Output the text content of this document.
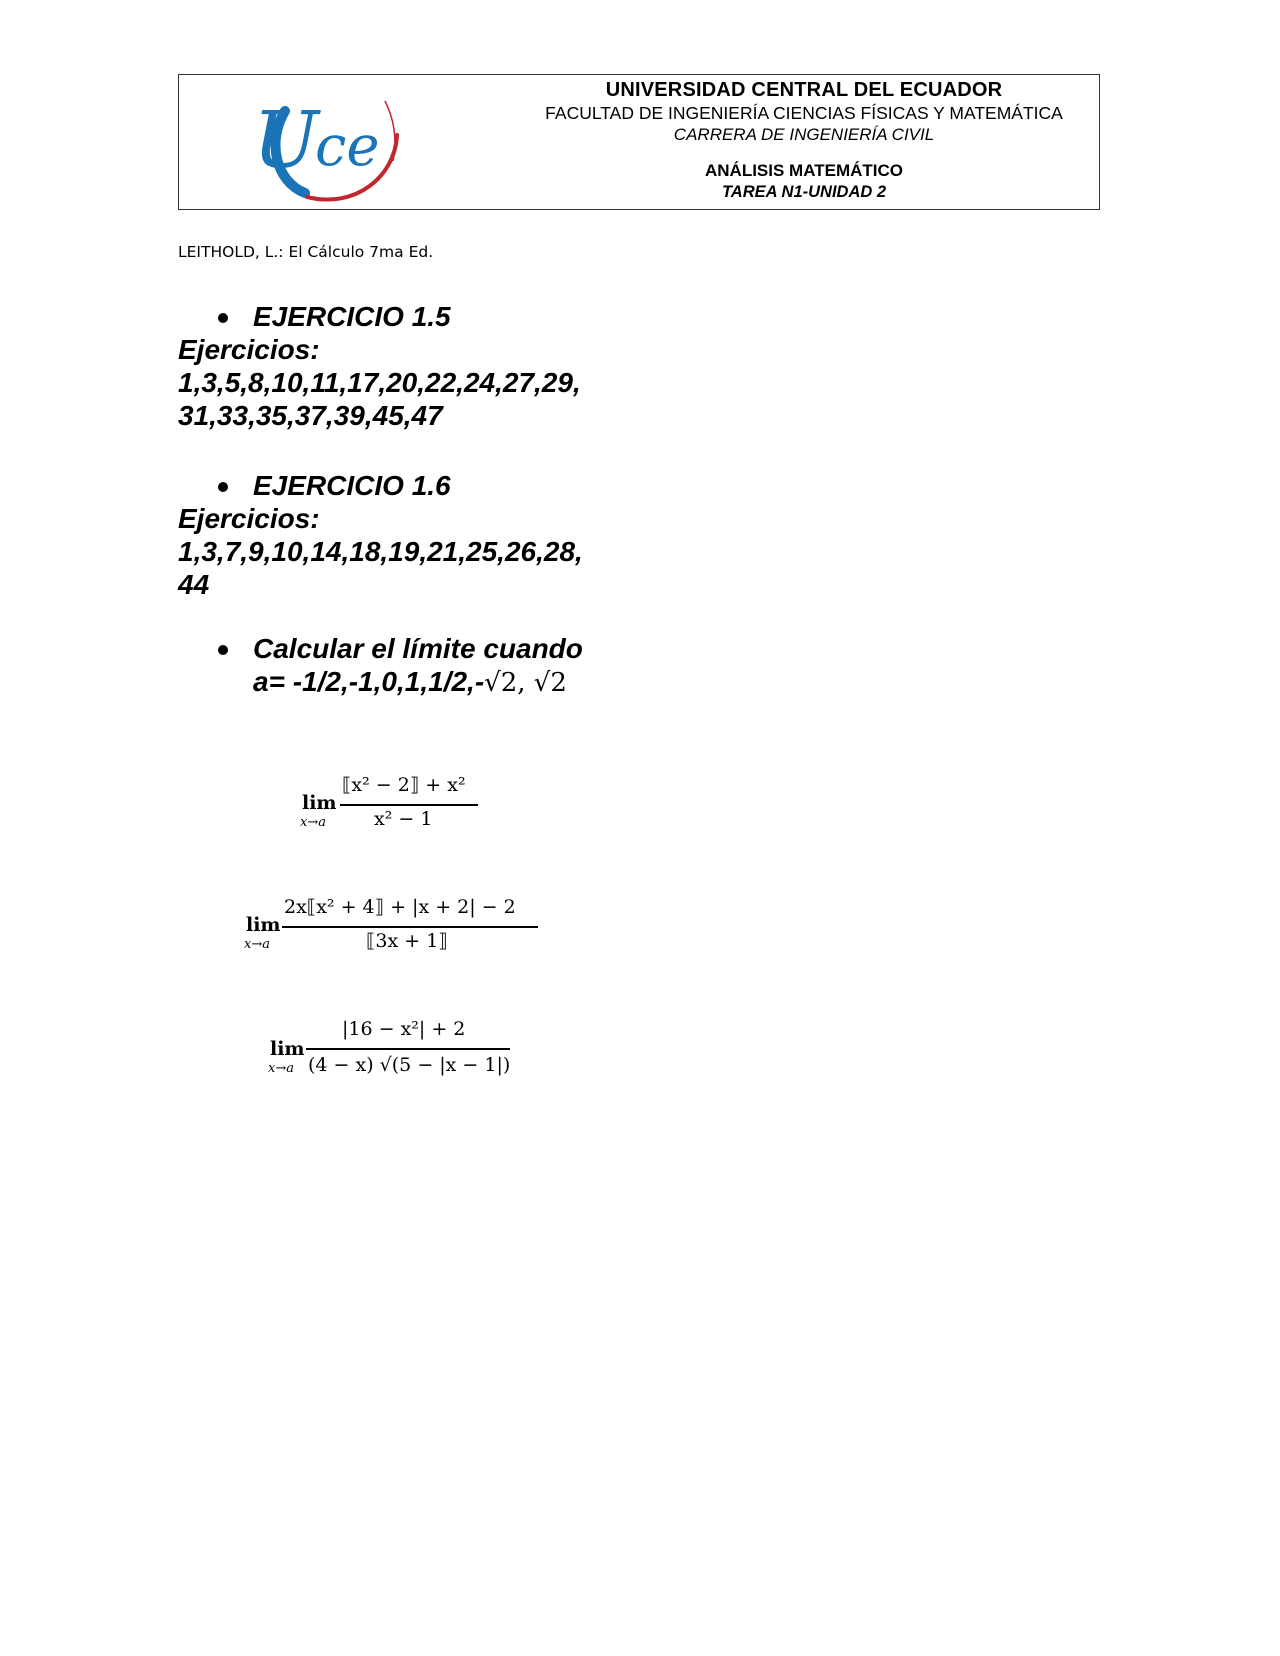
U
ce
UNIVERSIDAD CENTRAL DEL ECUADOR
FACULTAD DE INGENIERÍA CIENCIAS FÍSICAS Y MATEMÁTICA
CARRERA DE INGENIERÍA CIVIL
ANÁLISIS MATEMÁTICO
TAREA N1-UNIDAD 2
LEITHOLD, L.: El Cálculo 7ma Ed.
EJERCICIO 1.5
Ejercicios:
1,3,5,8,10,11,17,20,22,24,27,29,
31,33,35,37,39,45,47
EJERCICIO 1.6
Ejercicios:
1,3,7,9,10,14,18,19,21,25,26,28,
44
Calcular el límite cuando
a= -1/2,-1,0,1,1/2,-√2, √2
lim
x→a
⟦x² − 2⟧ + x²
x² − 1
lim
x→a
2x⟦x² + 4⟧ + |x + 2| − 2
⟦3x + 1⟧
lim
x→a
|16 − x²| + 2
(4 − x) √(5 − |x − 1|)
